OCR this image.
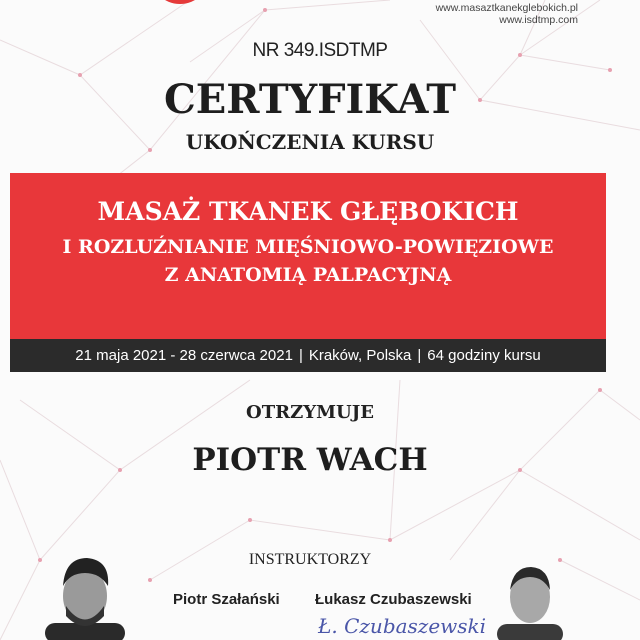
www.masaztkanekglebokich.pl
www.isdtmp.com
NR 349.ISDTMP
CERTYFIKAT
UKOŃCZENIA KURSU
MASAŻ TKANEK GŁĘBOKICH
I ROZLUŹNIANIE MIĘŚNIOWO-POWIĘZIOWE
Z ANATOMIĄ PALPACYJNĄ
21 maja 2021 - 28 czerwca 2021 | Kraków, Polska | 64 godziny kursu
OTRZYMUJE
PIOTR WACH
INSTRUKTORZY
Piotr Szałański Łukasz Czubaszewski
Ł. Czubaszewski
